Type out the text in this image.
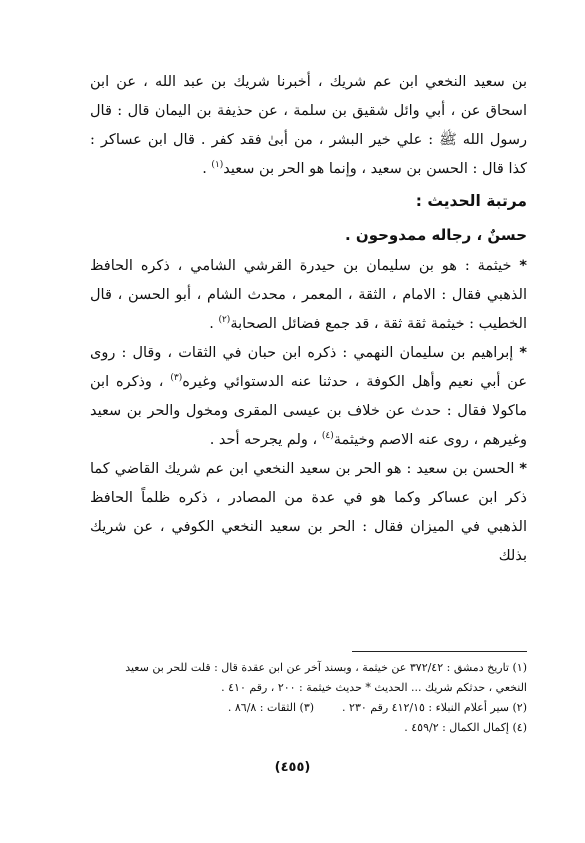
بن سعيد النخعي ابن عم شريك ، أخبرنا شريك بن عبد الله ، عن ابن اسحاق عن ، أبي وائل شقيق بن سلمة ، عن حذيفة بن اليمان قال : قال رسول الله ﷺ : علي خير البشر ، من أبىٰ فقد كفر . قال ابن عساكر : كذا قال : الحسن بن سعيد ، وإنما هو الحر بن سعيد$^{(١)}$ .

مرتبة الحديث :
حسنٌ ، رجاله ممدوحون .

* خيثمة : هو بن سليمان بن حيدرة القرشي الشامي ، ذكره الحافظ الذهبي فقال : الامام ، الثقة ، المعمر ، محدث الشام ، أبو الحسن ، قال الخطيب : خيثمة ثقة ثقة ، قد جمع فضائل الصحابة$^{(٢)}$ .

* إبراهيم بن سليمان النهمي : ذكره ابن حبان في الثقات ، وقال : روى عن أبي نعيم وأهل الكوفة ، حدثنا عنه الدستوائي وغيره$^{(٣)}$ ، وذكره ابن ماكولا فقال : حدث عن خلاف بن عيسى المقرى ومخول والحر بن سعيد وغيرهم ، روى عنه الاصم وخيثمة$^{(٤)}$ ، ولم يجرحه أحد .

* الحسن بن سعيد : هو الحر بن سعيد النخعي ابن عم شريك القاضي كما ذكر ابن عساكر وكما هو في عدة من المصادر ، ذكره ظلماً الحافظ الذهبي في الميزان فقال : الحر بن سعيد النخعي الكوفي ، عن شريك بذلك

(١) تاريخ دمشق : ٣٧٢/٤٢ عن خيثمة ، وبسند آخر عن ابن عقدة قال : قلت للحر بن سعيد
النخعي ، حدثكم شريك ... الحديث * حديث خيثمة : ٢٠٠ ، رقم ٤١٠ .
(٢) سير أعلام النبلاء : ٤١٢/١٥ رقم ٢٣٠ .(٣) الثقات : ٨٦/٨ .
(٤) إكمال الكمال : ٤٥٩/٢ .
(٤٥٥)
